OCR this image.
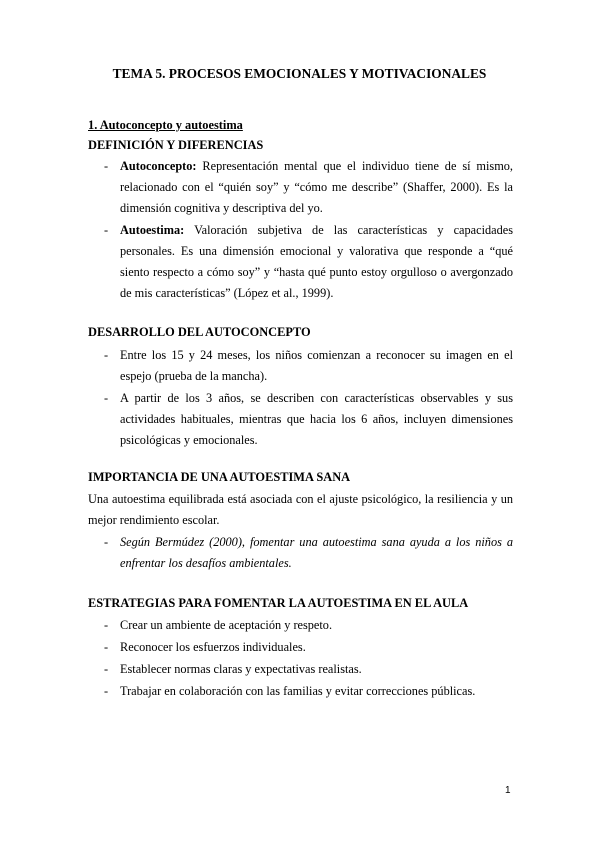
TEMA 5. PROCESOS EMOCIONALES Y MOTIVACIONALES
1. Autoconcepto y autoestima
DEFINICIÓN Y DIFERENCIAS
- Autoconcepto: Representación mental que el individuo tiene de sí mismo, relacionado con el “quién soy” y “cómo me describe” (Shaffer, 2000). Es la dimensión cognitiva y descriptiva del yo.
- Autoestima: Valoración subjetiva de las características y capacidades personales. Es una dimensión emocional y valorativa que responde a “qué siento respecto a cómo soy” y “hasta qué punto estoy orgulloso o avergonzado de mis características” (López et al., 1999).
DESARROLLO DEL AUTOCONCEPTO
- Entre los 15 y 24 meses, los niños comienzan a reconocer su imagen en el espejo (prueba de la mancha).
- A partir de los 3 años, se describen con características observables y sus actividades habituales, mientras que hacia los 6 años, incluyen dimensiones psicológicas y emocionales.
IMPORTANCIA DE UNA AUTOESTIMA SANA
Una autoestima equilibrada está asociada con el ajuste psicológico, la resiliencia y un mejor rendimiento escolar.
- Según Bermúdez (2000), fomentar una autoestima sana ayuda a los niños a enfrentar los desafíos ambientales.
ESTRATEGIAS PARA FOMENTAR LA AUTOESTIMA EN EL AULA
- Crear un ambiente de aceptación y respeto.
- Reconocer los esfuerzos individuales.
- Establecer normas claras y expectativas realistas.
- Trabajar en colaboración con las familias y evitar correcciones públicas.
1
